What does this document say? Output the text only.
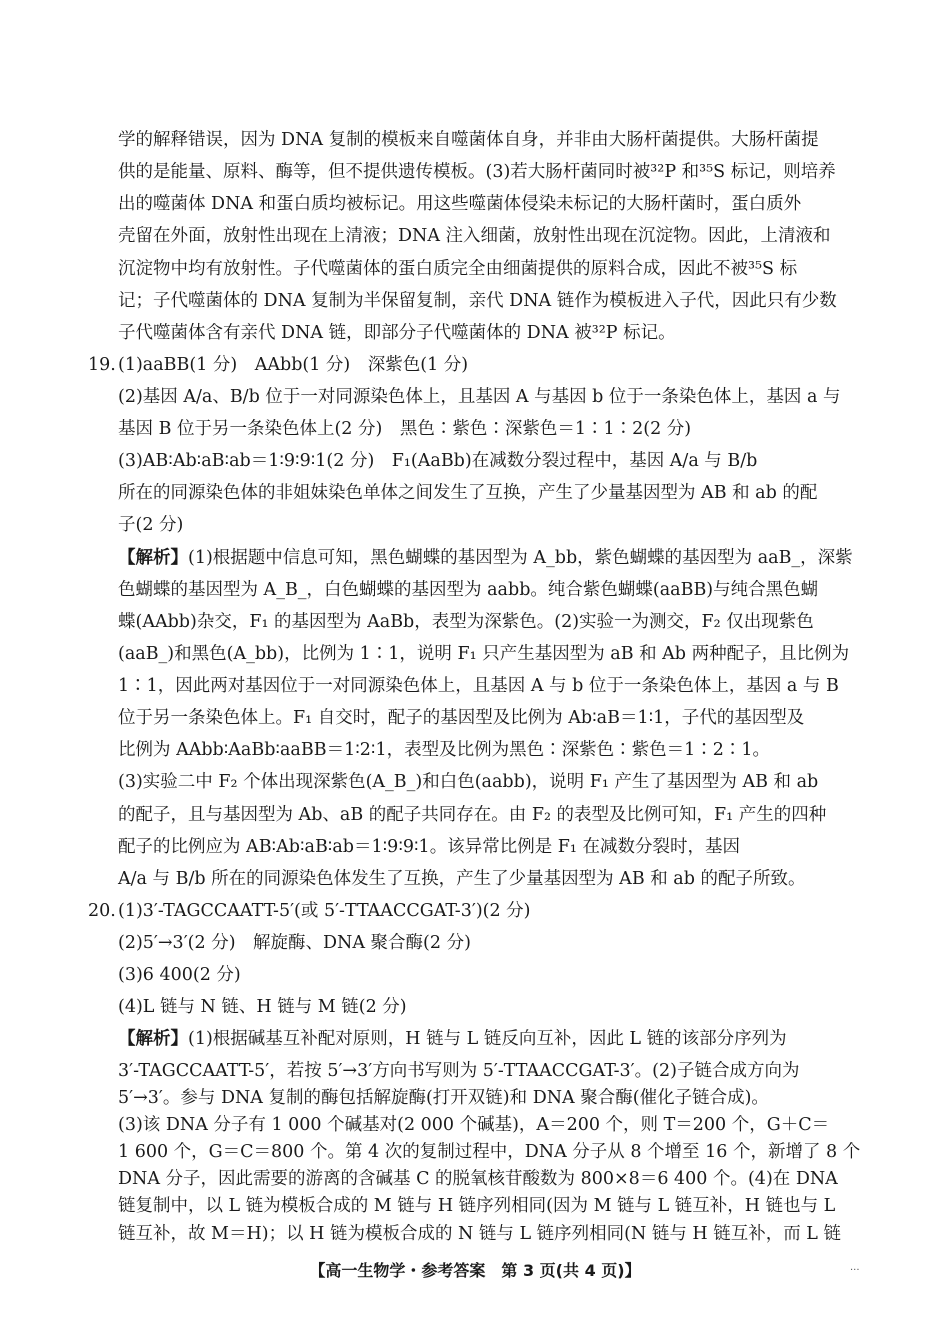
学的解释错误，因为 DNA 复制的模板来自噬菌体自身，并非由大肠杆菌提供。大肠杆菌提
供的是能量、原料、酶等，但不提供遗传模板。(3)若大肠杆菌同时被³²P 和³⁵S 标记，则培养
出的噬菌体 DNA 和蛋白质均被标记。用这些噬菌体侵染未标记的大肠杆菌时，蛋白质外
壳留在外面，放射性出现在上清液；DNA 注入细菌，放射性出现在沉淀物。因此，上清液和
沉淀物中均有放射性。子代噬菌体的蛋白质完全由细菌提供的原料合成，因此不被³⁵S 标
记；子代噬菌体的 DNA 复制为半保留复制，亲代 DNA 链作为模板进入子代，因此只有少数
子代噬菌体含有亲代 DNA 链，即部分子代噬菌体的 DNA 被³²P 标记。
19. (1)aaBB(1 分)　AAbb(1 分)　深紫色(1 分)
(2)基因 A/a、B/b 位于一对同源染色体上，且基因 A 与基因 b 位于一条染色体上，基因 a 与
基因 B 位于另一条染色体上(2 分)　黑色∶紫色∶深紫色＝1∶1∶2(2 分)
(3)AB∶Ab∶aB∶ab＝1∶9∶9∶1(2 分)　F₁(AaBb)在减数分裂过程中，基因 A/a 与 B/b
所在的同源染色体的非姐妹染色单体之间发生了互换，产生了少量基因型为 AB 和 ab 的配
子(2 分)
【解析】(1)根据题中信息可知，黑色蝴蝶的基因型为 A_bb，紫色蝴蝶的基因型为 aaB_，深紫
色蝴蝶的基因型为 A_B_，白色蝴蝶的基因型为 aabb。纯合紫色蝴蝶(aaBB)与纯合黑色蝴
蝶(AAbb)杂交，F₁ 的基因型为 AaBb，表型为深紫色。(2)实验一为测交，F₂ 仅出现紫色
(aaB_)和黑色(A_bb)，比例为 1∶1，说明 F₁ 只产生基因型为 aB 和 Ab 两种配子，且比例为
1∶1，因此两对基因位于一对同源染色体上，且基因 A 与 b 位于一条染色体上，基因 a 与 B
位于另一条染色体上。F₁ 自交时，配子的基因型及比例为 Ab∶aB＝1∶1，子代的基因型及
比例为 AAbb∶AaBb∶aaBB＝1∶2∶1，表型及比例为黑色∶深紫色∶紫色＝1∶2∶1。
(3)实验二中 F₂ 个体出现深紫色(A_B_)和白色(aabb)，说明 F₁ 产生了基因型为 AB 和 ab
的配子，且与基因型为 Ab、aB 的配子共同存在。由 F₂ 的表型及比例可知，F₁ 产生的四种
配子的比例应为 AB∶Ab∶aB∶ab＝1∶9∶9∶1。该异常比例是 F₁ 在减数分裂时，基因
A/a 与 B/b 所在的同源染色体发生了互换，产生了少量基因型为 AB 和 ab 的配子所致。
20. (1)3′-TAGCCAATT-5′(或 5′-TTAACCGAT-3′)(2 分)
(2)5′→3′(2 分)　解旋酶、DNA 聚合酶(2 分)
(3)6 400(2 分)
(4)L 链与 N 链、H 链与 M 链(2 分)
【解析】(1)根据碱基互补配对原则，H 链与 L 链反向互补，因此 L 链的该部分序列为
3′-TAGCCAATT-5′，若按 5′→3′方向书写则为 5′-TTAACCGAT-3′。(2)子链合成方向为
5′→3′。参与 DNA 复制的酶包括解旋酶(打开双链)和 DNA 聚合酶(催化子链合成)。
(3)该 DNA 分子有 1 000 个碱基对(2 000 个碱基)，A＝200 个，则 T＝200 个，G＋C＝
1 600 个，G＝C＝800 个。第 4 次的复制过程中，DNA 分子从 8 个增至 16 个，新增了 8 个
DNA 分子，因此需要的游离的含碱基 C 的脱氧核苷酸数为 800×8＝6 400 个。(4)在 DNA
链复制中，以 L 链为模板合成的 M 链与 H 链序列相同(因为 M 链与 L 链互补，H 链也与 L
【高一生物学・参考答案　第 3 页(共 4 页)】	...
链互补，故 M＝H)；以 H 链为模板合成的 N 链与 L 链序列相同(N 链与 H 链互补，而 L 链
